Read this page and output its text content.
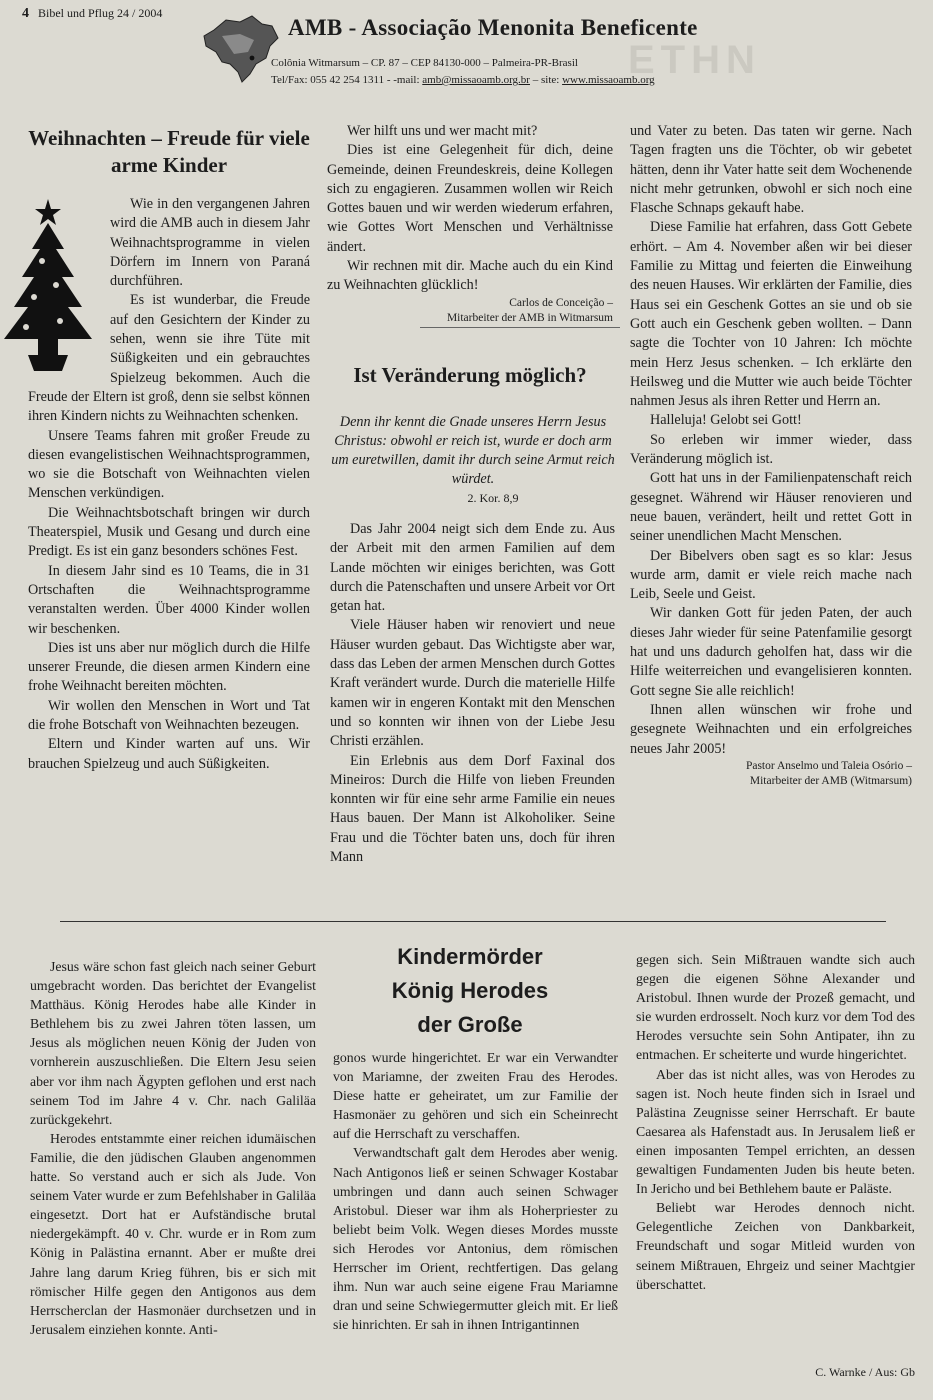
4 Bibel und Pflug 24 / 2004
AMB - Associação Menonita Beneficente
Colônia Witmarsum – CP. 87 – CEP 84130-000 – Palmeira-PR-Brasil
Tel/Fax: 055 42 254 1311 - -mail: amb@missaoamb.org.br – site: www.missaoamb.org
ETHN
Weihnachten – Freude für viele arme Kinder

Wie in den vergangenen Jahren wird die AMB auch in diesem Jahr Weihnachtsprogramme in vielen Dörfern im Innern von Paraná durchführen.

Es ist wunderbar, die Freude auf den Gesichtern der Kinder zu sehen, wenn sie ihre Tüte mit Süßigkeiten und ein gebrauchtes Spielzeug bekommen. Auch die Freude der Eltern ist groß, denn sie selbst können ihren Kindern nichts zu Weihnachten schenken.

Unsere Teams fahren mit großer Freude zu diesen evangelistischen Weihnachtsprogrammen, wo sie die Botschaft von Weihnachten vielen Menschen verkündigen.

Die Weihnachtsbotschaft bringen wir durch Theaterspiel, Musik und Gesang und durch eine Predigt. Es ist ein ganz besonders schönes Fest.

In diesem Jahr sind es 10 Teams, die in 31 Ortschaften die Weihnachtsprogramme veranstalten werden. Über 4000 Kinder wollen wir beschenken.

Dies ist uns aber nur möglich durch die Hilfe unserer Freunde, die diesen armen Kindern eine frohe Weihnacht bereiten möchten.

Wir wollen den Menschen in Wort und Tat die frohe Botschaft von Weihnachten bezeugen.

Eltern und Kinder warten auf uns. Wir brauchen Spielzeug und auch Süßigkeiten.

Wer hilft uns und wer macht mit?

Dies ist eine Gelegenheit für dich, deine Gemeinde, deinen Freundeskreis, deine Kollegen sich zu engagieren. Zusammen wollen wir Reich Gottes bauen und wir werden wiederum erfahren, wie Gottes Wort Menschen und Verhältnisse ändert.

Wir rechnen mit dir. Mache auch du ein Kind zu Weihnachten glücklich!

Carlos de Conceição –

Mitarbeiter der AMB in Witmarsum

Ist Veränderung möglich?
Denn ihr kennt die Gnade unseres Herrn Jesus Christus: obwohl er reich ist, wurde er doch arm um euretwillen, damit ihr durch seine Armut reich würdet.
2. Kor. 8,9

Das Jahr 2004 neigt sich dem Ende zu. Aus der Arbeit mit den armen Familien auf dem Lande möchten wir einiges berichten, was Gott durch die Patenschaften und unsere Arbeit vor Ort getan hat.

Viele Häuser haben wir renoviert und neue Häuser wurden gebaut. Das Wichtigste aber war, dass das Leben der armen Menschen durch Gottes Kraft verändert wurde. Durch die materielle Hilfe kamen wir in engeren Kontakt mit den Menschen und so konnten wir ihnen von der Liebe Jesu Christi erzählen.

Ein Erlebnis aus dem Dorf Faxinal dos Mineiros: Durch die Hilfe von lieben Freunden konnten wir für eine sehr arme Familie ein neues Haus bauen. Der Mann ist Alkoholiker. Seine Frau und die Töchter baten uns, doch für ihren Mann

und Vater zu beten. Das taten wir gerne. Nach Tagen fragten uns die Töchter, ob wir gebetet hätten, denn ihr Vater hatte seit dem Wochenende nicht mehr getrunken, obwohl er sich noch eine Flasche Schnaps gekauft habe.

Diese Familie hat erfahren, dass Gott Gebete erhört. – Am 4. November aßen wir bei dieser Familie zu Mittag und feierten die Einweihung des neuen Hauses. Wir erklärten der Familie, dies Haus sei ein Geschenk Gottes an sie und ob sie Gott auch ein Geschenk geben wollten. – Dann sagte die Tochter von 10 Jahren: Ich möchte mein Herz Jesus schenken. – Ich erklärte den Heilsweg und die Mutter wie auch beide Töchter nahmen Jesus als ihren Retter und Herrn an.

Halleluja! Gelobt sei Gott!

So erleben wir immer wieder, dass Veränderung möglich ist.

Gott hat uns in der Familienpatenschaft reich gesegnet. Während wir Häuser renovieren und neue bauen, verändert, heilt und rettet Gott in seiner unendlichen Macht Menschen.

Der Bibelvers oben sagt es so klar: Jesus wurde arm, damit er viele reich mache nach Leib, Seele und Geist.

Wir danken Gott für jeden Paten, der auch dieses Jahr wieder für seine Patenfamilie gesorgt hat und uns dadurch geholfen hat, dass wir die Hilfe weiterreichen und evangelisieren konnten. Gott segne Sie alle reichlich!

Ihnen allen wünschen wir frohe und gesegnete Weihnachten und ein erfolgreiches neues Jahr 2005!

Pastor Anselmo und Taleia Osório –

Mitarbeiter der AMB (Witmarsum)

Kindermörder
König Herodes
der Große

Jesus wäre schon fast gleich nach seiner Geburt umgebracht worden. Das berichtet der Evangelist Matthäus. König Herodes habe alle Kinder in Bethlehem bis zu zwei Jahren töten lassen, um Jesus als möglichen neuen König der Juden von vornherein auszuschließen. Die Eltern Jesu seien aber vor ihm nach Ägypten geflohen und erst nach seinem Tod im Jahre 4 v. Chr. nach Galiläa zurückgekehrt.

Herodes entstammte einer reichen idumäischen Familie, die den jüdischen Glauben angenommen hatte. So verstand auch er sich als Jude. Von seinem Vater wurde er zum Befehlshaber in Galiläa eingesetzt. Dort hat er Aufständische brutal niedergekämpft. 40 v. Chr. wurde er in Rom zum König in Palästina ernannt. Aber er mußte drei Jahre lang darum Krieg führen, bis er sich mit römischer Hilfe gegen den Antigonos aus dem Herrscherclan der Hasmonäer durchsetzen und in Jerusalem einziehen konnte. Anti-

gonos wurde hingerichtet. Er war ein Verwandter von Mariamne, der zweiten Frau des Herodes. Diese hatte er geheiratet, um zur Familie der Hasmonäer zu gehören und sich ein Scheinrecht auf die Herrschaft zu verschaffen.

Verwandtschaft galt dem Herodes aber wenig. Nach Antigonos ließ er seinen Schwager Kostabar umbringen und dann auch seinen Schwager Aristobul. Dieser war ihm als Hoherpriester zu beliebt beim Volk. Wegen dieses Mordes musste sich Herodes vor Antonius, dem römischen Herrscher im Orient, rechtfertigen. Das gelang ihm. Nun war auch seine eigene Frau Mariamne dran und seine Schwiegermutter gleich mit. Er ließ sie hinrichten. Er sah in ihnen Intrigantinnen

gegen sich. Sein Mißtrauen wandte sich auch gegen die eigenen Söhne Alexander und Aristobul. Ihnen wurde der Prozeß gemacht, und sie wurden erdrosselt. Noch kurz vor dem Tod des Herodes versuchte sein Sohn Antipater, ihn zu entmachen. Er scheiterte und wurde hingerichtet.

Aber das ist nicht alles, was von Herodes zu sagen ist. Noch heute finden sich in Israel und Palästina Zeugnisse seiner Herrschaft. Er baute Caesarea als Hafenstadt aus. In Jerusalem ließ er einen imposanten Tempel errichten, an dessen gewaltigen Fundamenten Juden bis heute beten. In Jericho und bei Bethlehem baute er Paläste.

Beliebt war Herodes dennoch nicht. Gelegentliche Zeichen von Dankbarkeit, Freundschaft und sogar Mitleid wurden von seinem Mißtrauen, Ehrgeiz und seiner Machtgier überschattet.

C. Warnke / Aus: Gb
